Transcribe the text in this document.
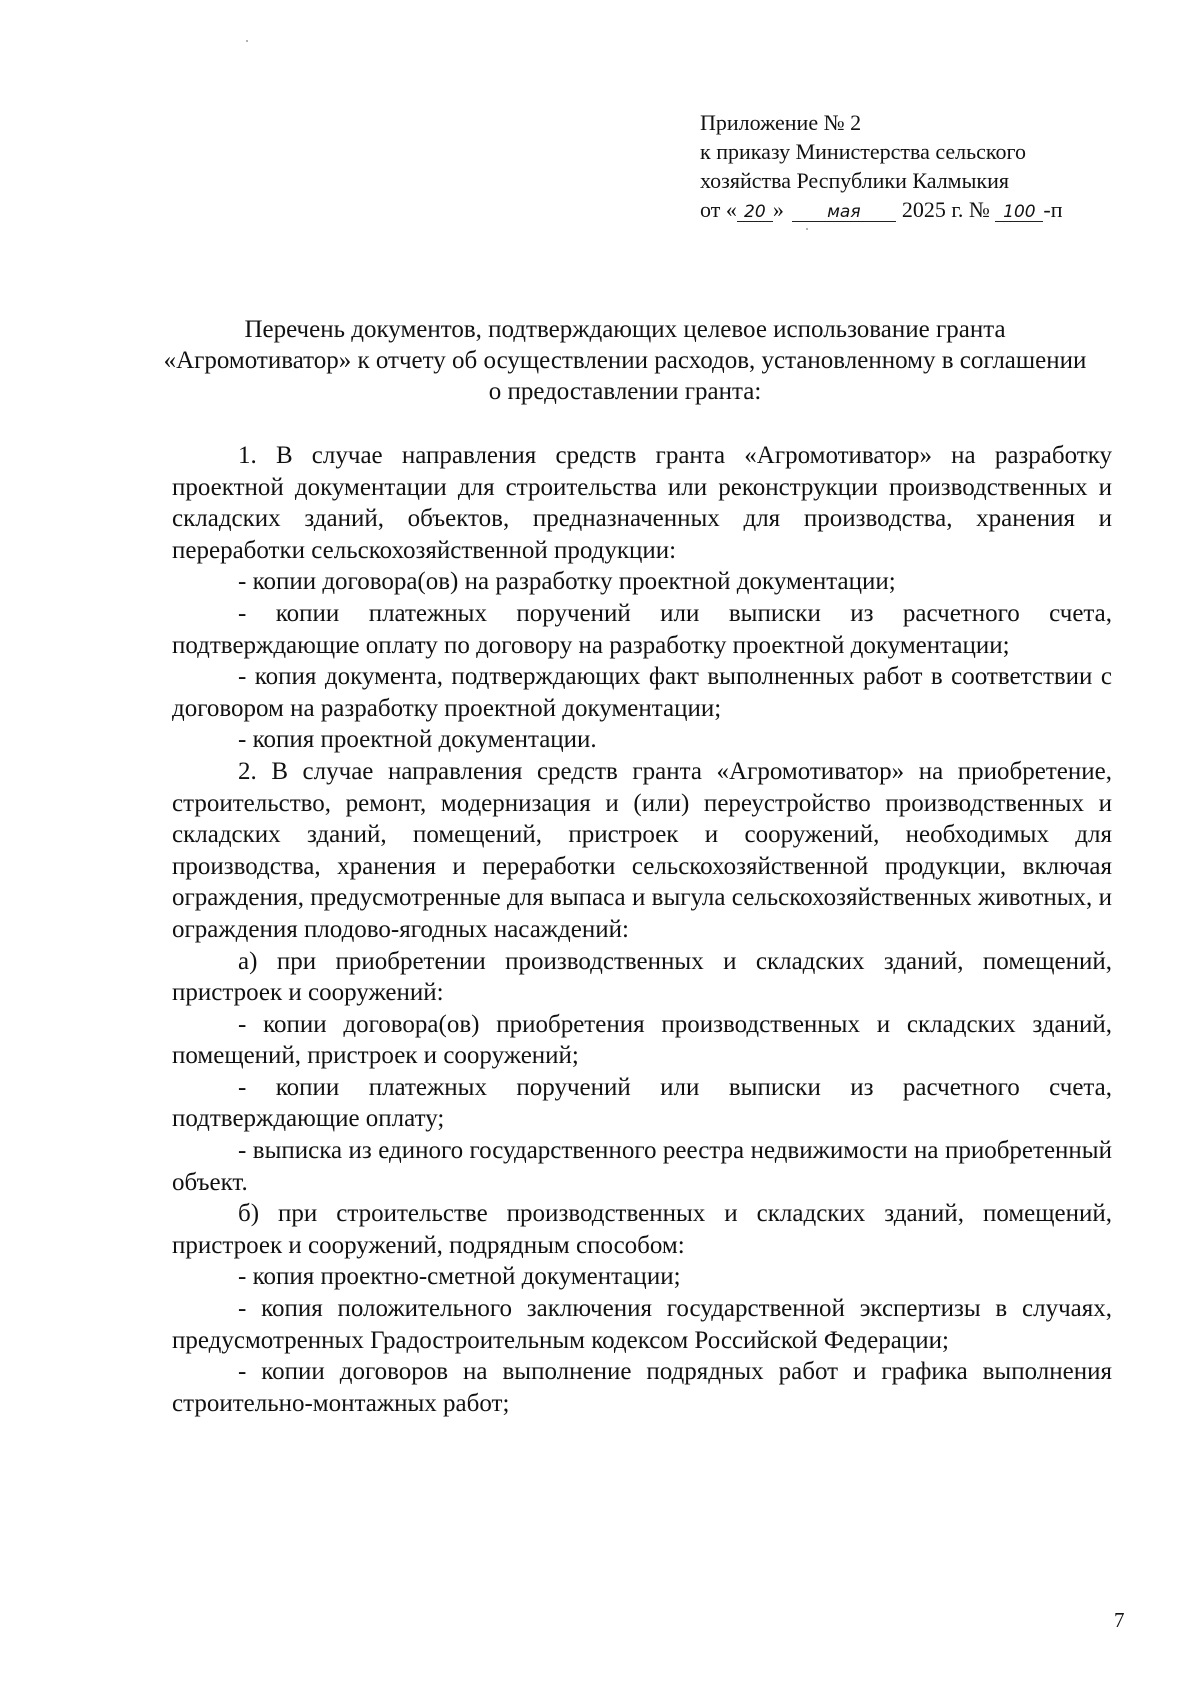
Приложение № 2
к приказу Министерства сельского
хозяйства Республики Калмыкия
от « 20 »	мая 2025 г. № 100 -п
Перечень документов, подтверждающих целевое использование гранта «Агромотиватор» к отчету об осуществлении расходов, установленному в соглашении о предоставлении гранта:

1. В случае направления средств гранта «Агромотиватор» на разработку проектной документации для строительства или реконструкции производственных и складских зданий, объектов, предназначенных для производства, хранения и переработки сельскохозяйственной продукции:

- копии договора(ов) на разработку проектной документации;

- копии платежных поручений или выписки из расчетного счета, подтверждающие оплату по договору на разработку проектной документации;

- копия документа, подтверждающих факт выполненных работ в соответствии с договором на разработку проектной документации;

- копия проектной документации.

2. В случае направления средств гранта «Агромотиватор» на приобретение, строительство, ремонт, модернизация и (или) переустройство производственных и складских зданий, помещений, пристроек и сооружений, необходимых для производства, хранения и переработки сельскохозяйственной продукции, включая ограждения, предусмотренные для выпаса и выгула сельскохозяйственных животных, и ограждения плодово-ягодных насаждений:

а) при приобретении производственных и складских зданий, помещений, пристроек и сооружений:

- копии договора(ов) приобретения производственных и складских зданий, помещений, пристроек и сооружений;

- копии платежных поручений или выписки из расчетного счета, подтверждающие оплату;

- выписка из единого государственного реестра недвижимости на приобретенный объект.

б) при строительстве производственных и складских зданий, помещений, пристроек и сооружений, подрядным способом:

- копия проектно-сметной документации;

- копия положительного заключения государственной экспертизы в случаях, предусмотренных Градостроительным кодексом Российской Федерации;

- копии договоров на выполнение подрядных работ и графика выполнения строительно-монтажных работ;

7
